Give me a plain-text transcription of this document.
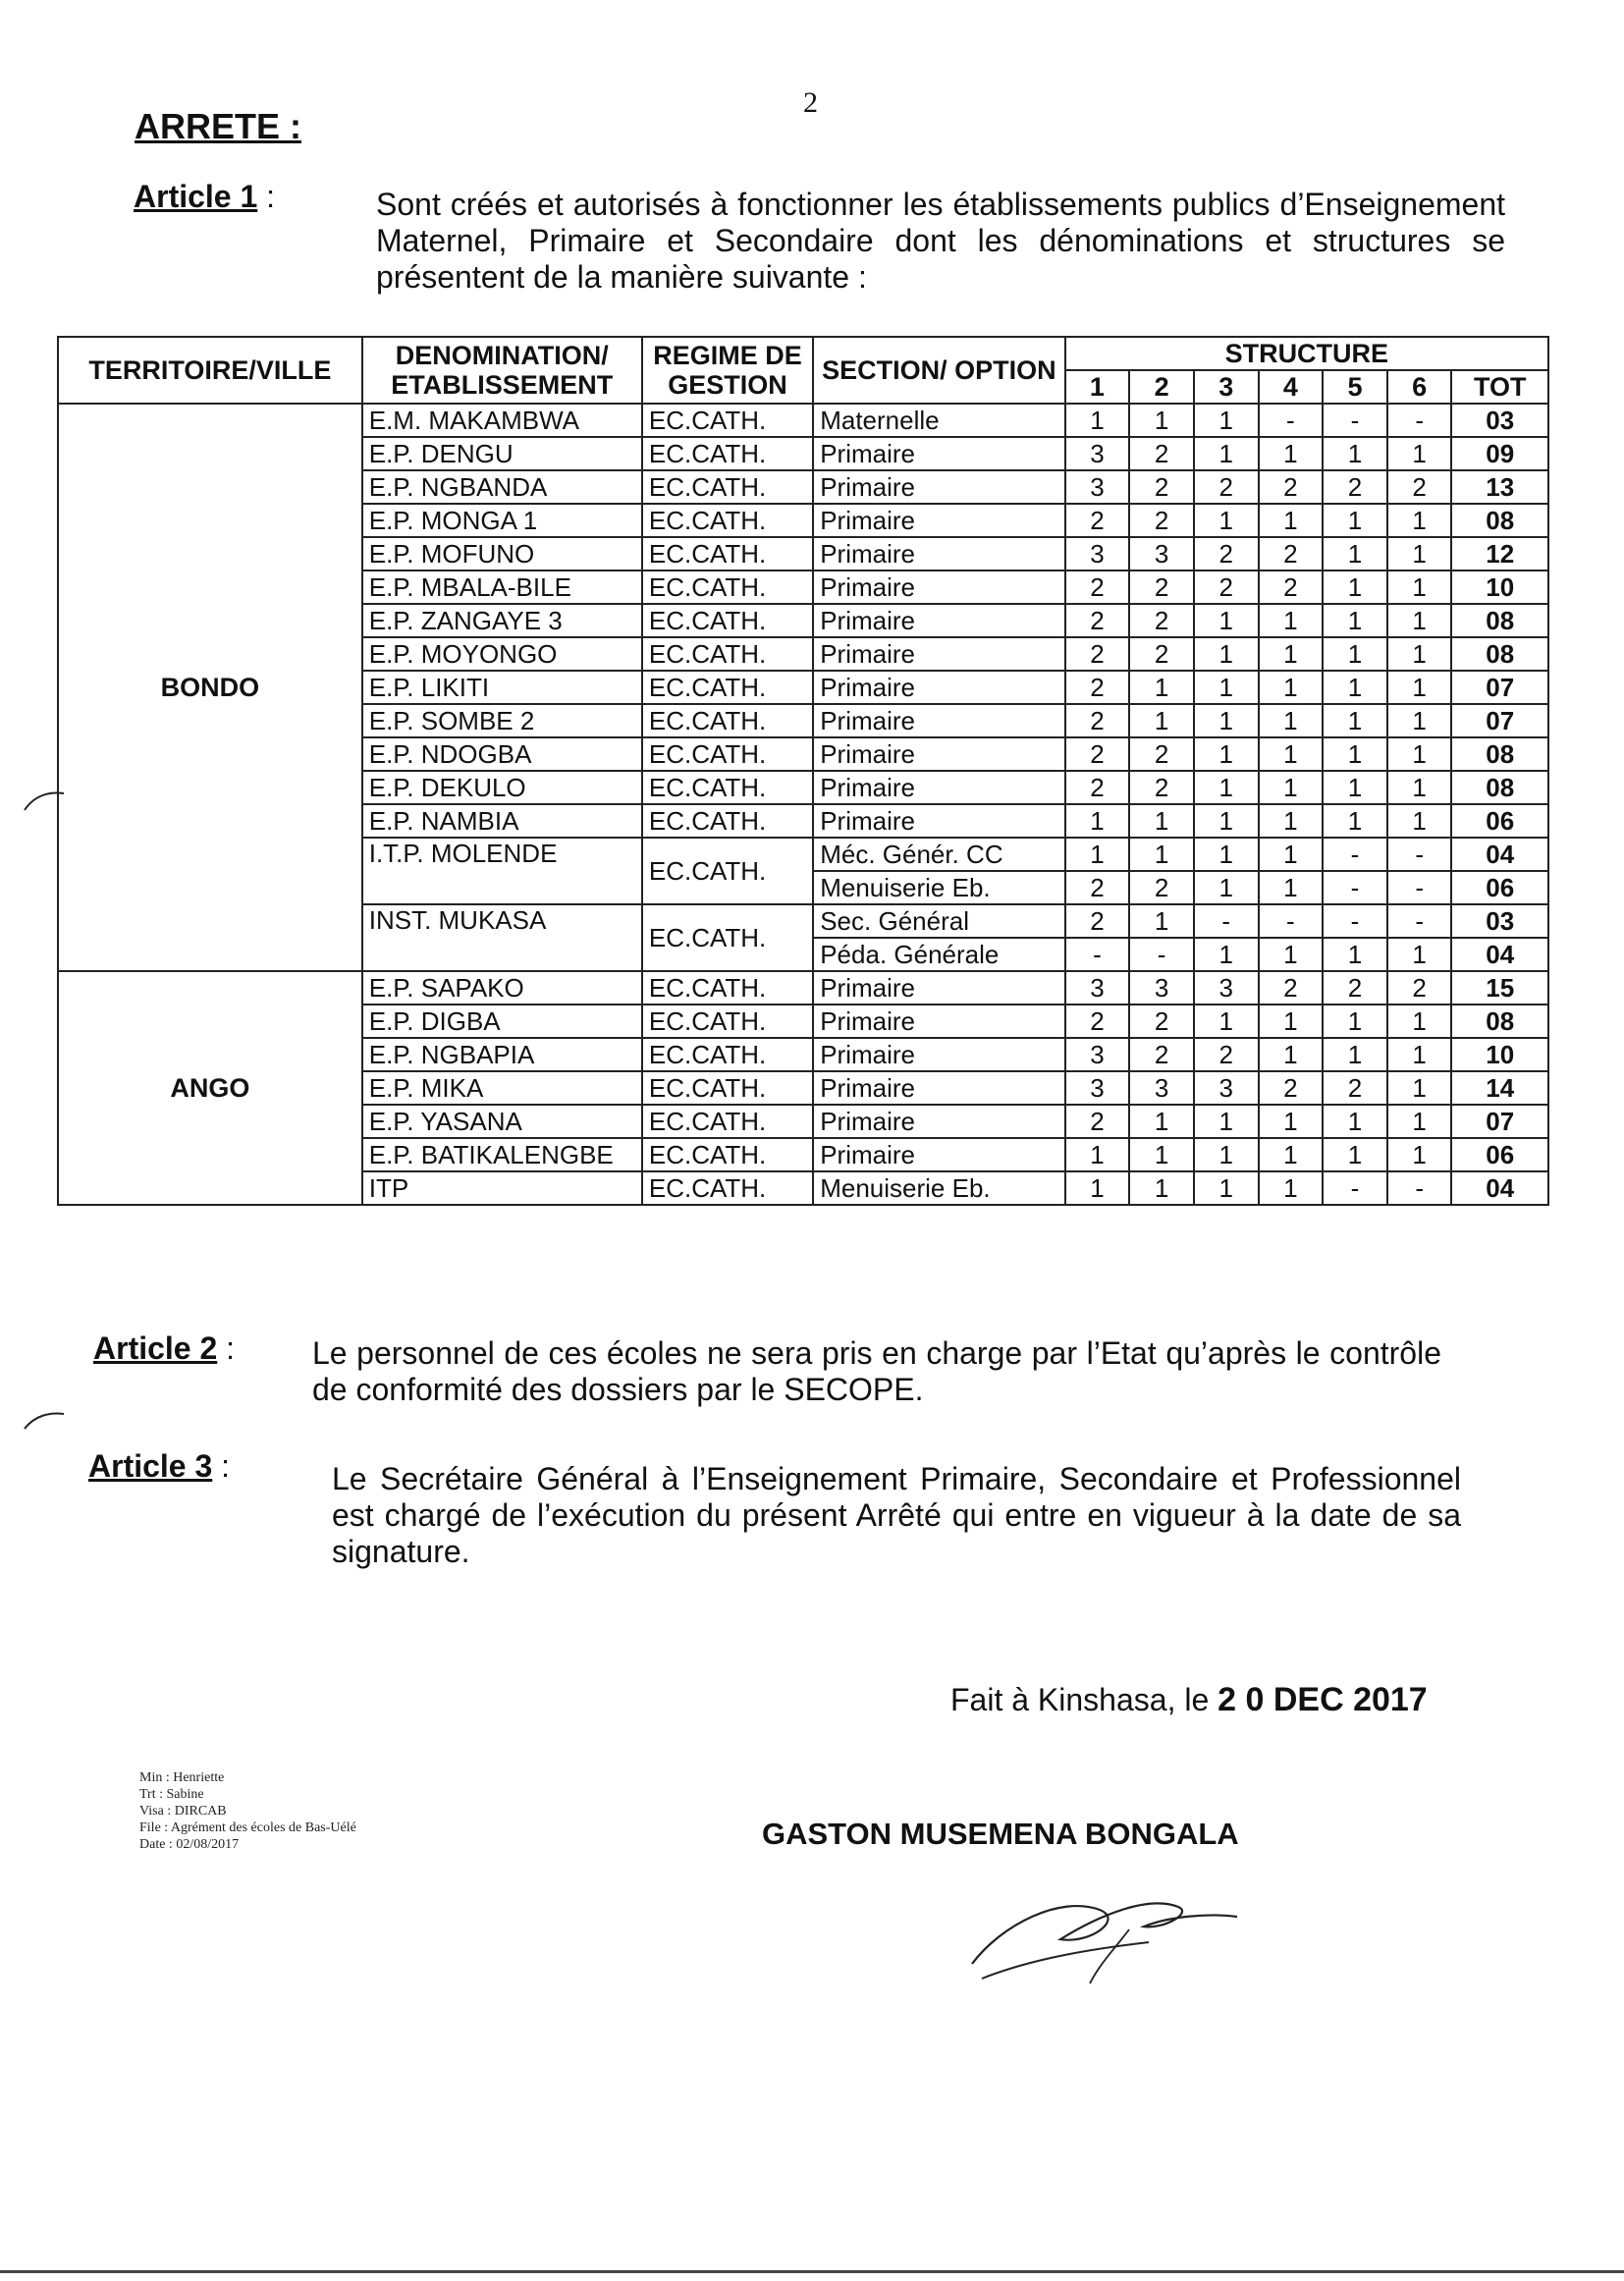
2
ARRETE :
Article 1 :	Sont créés et autorisés à fonctionner les établissements publics d’Enseignement Maternel, Primaire et Secondaire dont les dénominations et structures se présentent de la manière suivante :
TERRITOIRE/VILLE	DENOMINATION/ ETABLISSEMENT	REGIME DE GESTION	SECTION/ OPTION	STRUCTURE						
				1	2	3	4	5	6	TOT
BONDO	E.M. MAKAMBWA	EC.CATH.	Maternelle	1	1	1	-	-	-	03
	E.P. DENGU	EC.CATH.	Primaire	3	2	1	1	1	1	09
	E.P. NGBANDA	EC.CATH.	Primaire	3	2	2	2	2	2	13
	E.P. MONGA 1	EC.CATH.	Primaire	2	2	1	1	1	1	08
	E.P. MOFUNO	EC.CATH.	Primaire	3	3	2	2	1	1	12
	E.P. MBALA-BILE	EC.CATH.	Primaire	2	2	2	2	1	1	10
	E.P. ZANGAYE 3	EC.CATH.	Primaire	2	2	1	1	1	1	08
	E.P. MOYONGO	EC.CATH.	Primaire	2	2	1	1	1	1	08
	E.P. LIKITI	EC.CATH.	Primaire	2	1	1	1	1	1	07
	E.P. SOMBE 2	EC.CATH.	Primaire	2	1	1	1	1	1	07
	E.P. NDOGBA	EC.CATH.	Primaire	2	2	1	1	1	1	08
	E.P. DEKULO	EC.CATH.	Primaire	2	2	1	1	1	1	08
	E.P. NAMBIA	EC.CATH.	Primaire	1	1	1	1	1	1	06
	I.T.P. MOLENDE	EC.CATH.	Méc. Génér. CC	1	1	1	1	-	-	04
			Menuiserie Eb.	2	2	1	1	-	-	06
	INST. MUKASA	EC.CATH.	Sec. Général	2	1	-	-	-	-	03
			Péda. Générale	-	-	1	1	1	1	04
ANGO	E.P. SAPAKO	EC.CATH.	Primaire	3	3	3	2	2	2	15
	E.P. DIGBA	EC.CATH.	Primaire	2	2	1	1	1	1	08
	E.P. NGBAPIA	EC.CATH.	Primaire	3	2	2	1	1	1	10
	E.P. MIKA	EC.CATH.	Primaire	3	3	3	2	2	1	14
	E.P. YASANA	EC.CATH.	Primaire	2	1	1	1	1	1	07
	E.P. BATIKALENGBE	EC.CATH.	Primaire	1	1	1	1	1	1	06
	ITP	EC.CATH.	Menuiserie Eb.	1	1	1	1	-	-	04
Article 2 : Le personnel de ces écoles ne sera pris en charge par l’Etat qu’après le contrôle de conformité des dossiers par le SECOPE.
Article 3 :	Le Secrétaire Général à l’Enseignement Primaire, Secondaire et Professionnel est chargé de l’exécution du présent Arrêté qui entre en vigueur à la date de sa signature.
Fait à Kinshasa, le 2 0 DEC 2017
Min : Henriette
Trt : Sabine
Visa : DIRCAB
File : Agrément des écoles de Bas-Uélé
Date : 02/08/2017	GASTON MUSEMENA BONGALA
